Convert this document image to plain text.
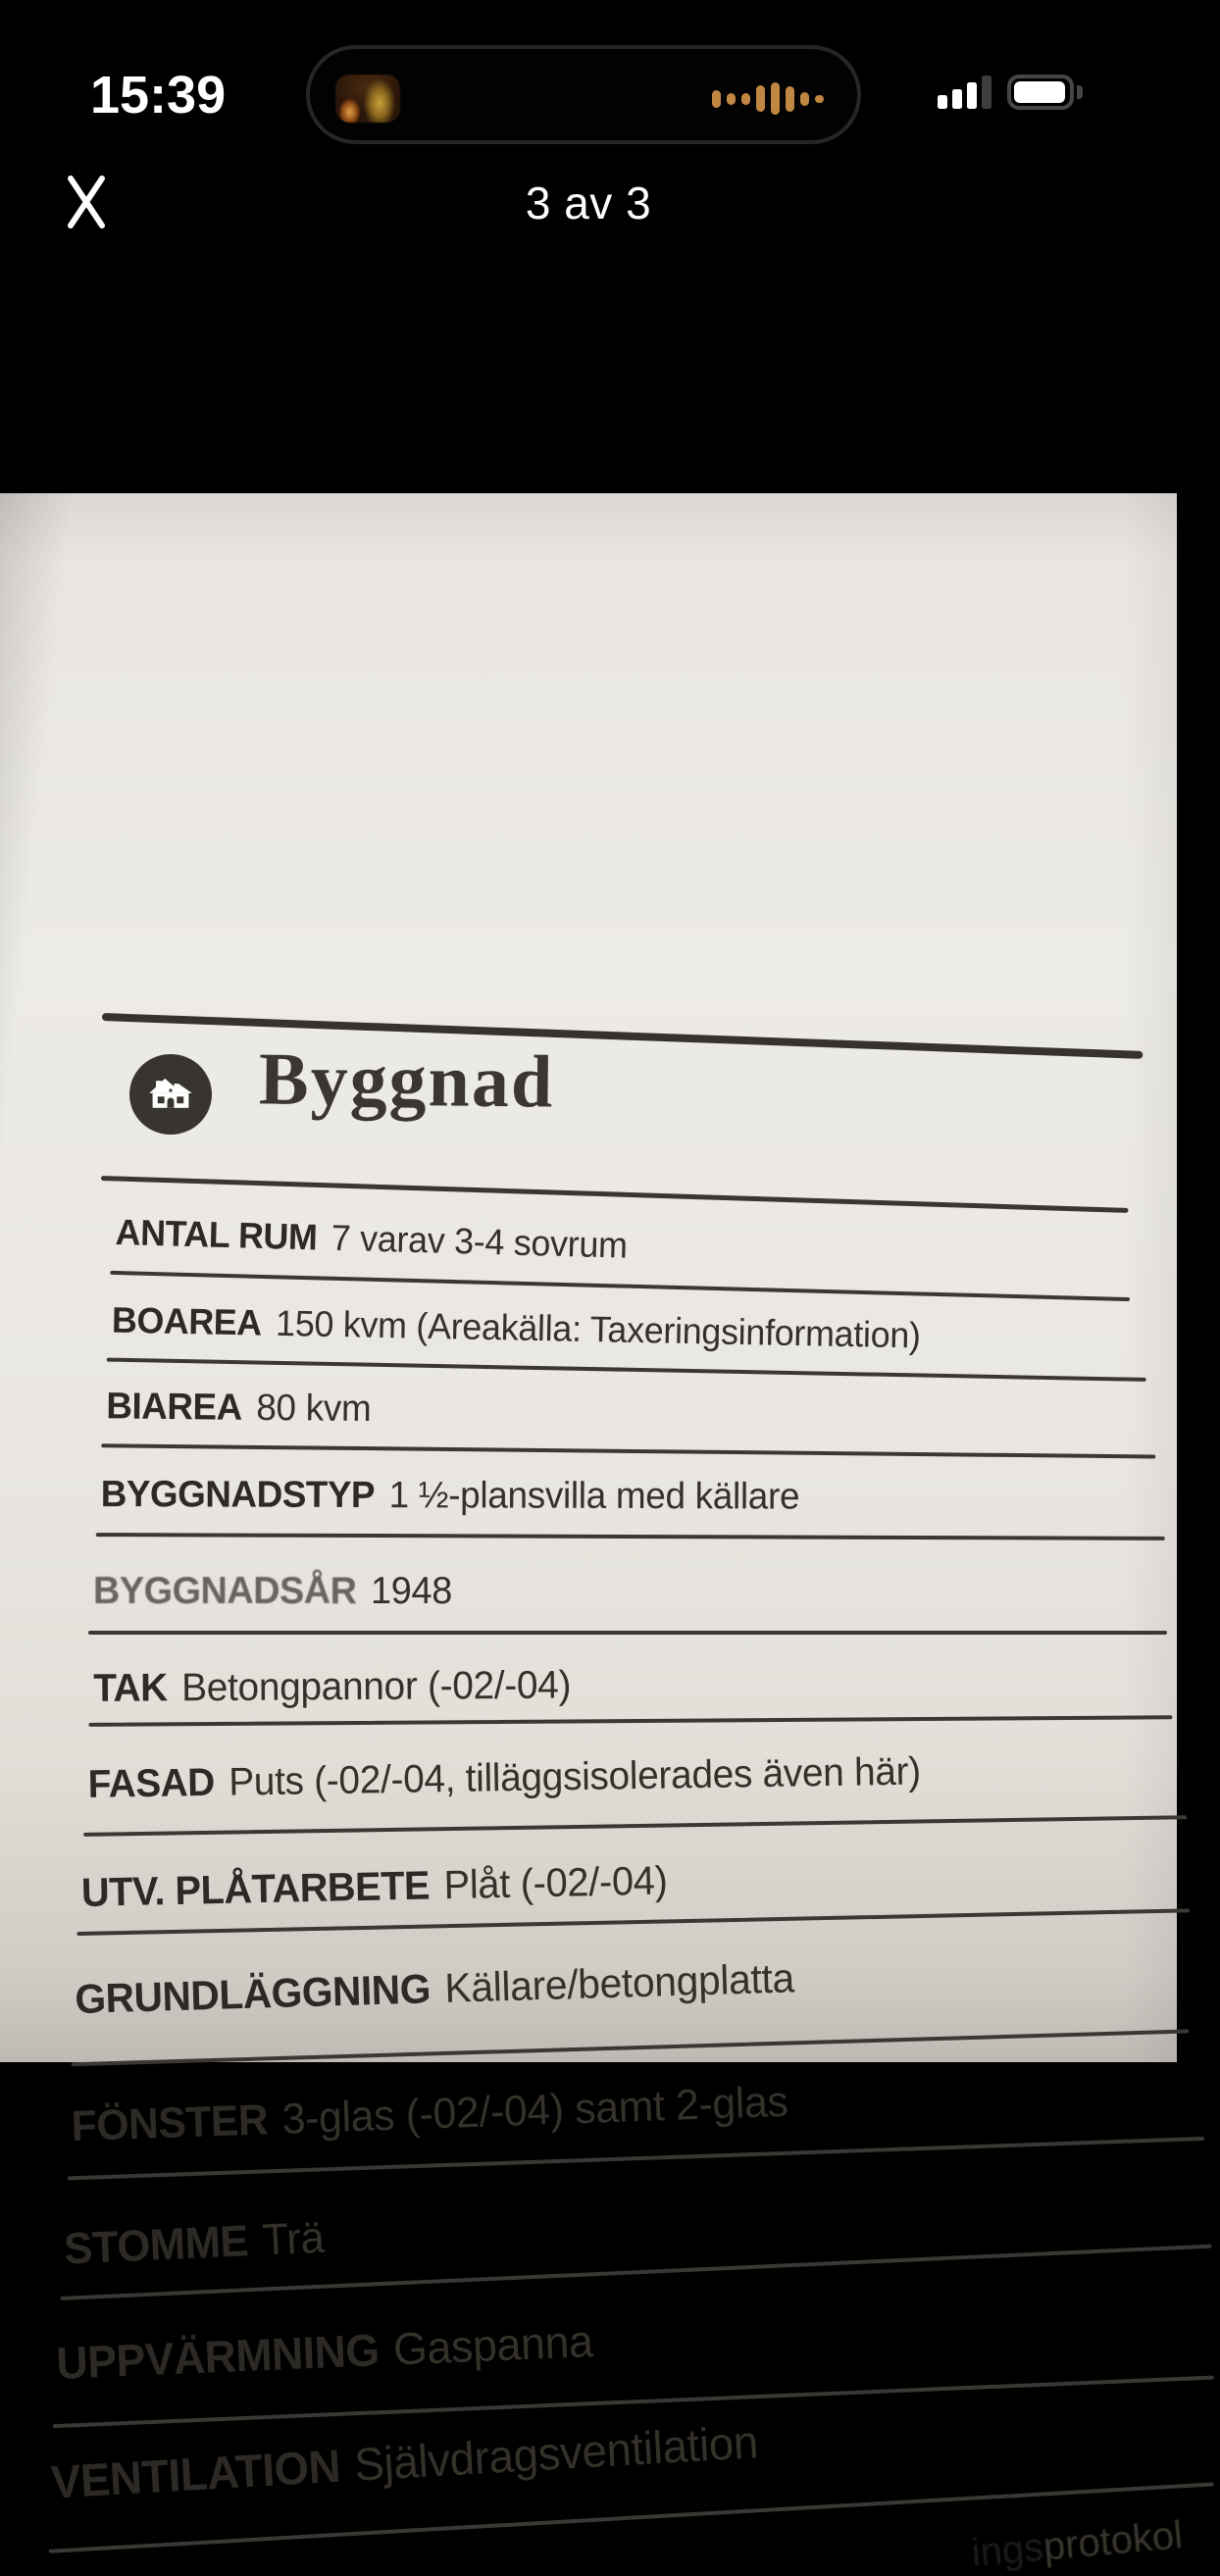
15:39
3 av 3
Byggnad
ANTAL RUM 7 varav 3-4 sovrum
BOAREA 150 kvm (Areakälla: Taxeringsinformation)
BIAREA 80 kvm
BYGGNADSTYP 1 ½-plansvilla med källare
BYGGNADSÅR 1948
TAK Betongpannor (-02/-04)
FASAD Puts (-02/-04, tilläggsisolerades även här)
UTV. PLÅTARBETE Plåt (-02/-04)
GRUNDLÄGGNING Källare/betongplatta
FÖNSTER 3-glas (-02/-04) samt 2-glas
STOMME Trä
UPPVÄRMNING Gaspanna
VENTILATION Självdragsventilation
ingsprotokol
